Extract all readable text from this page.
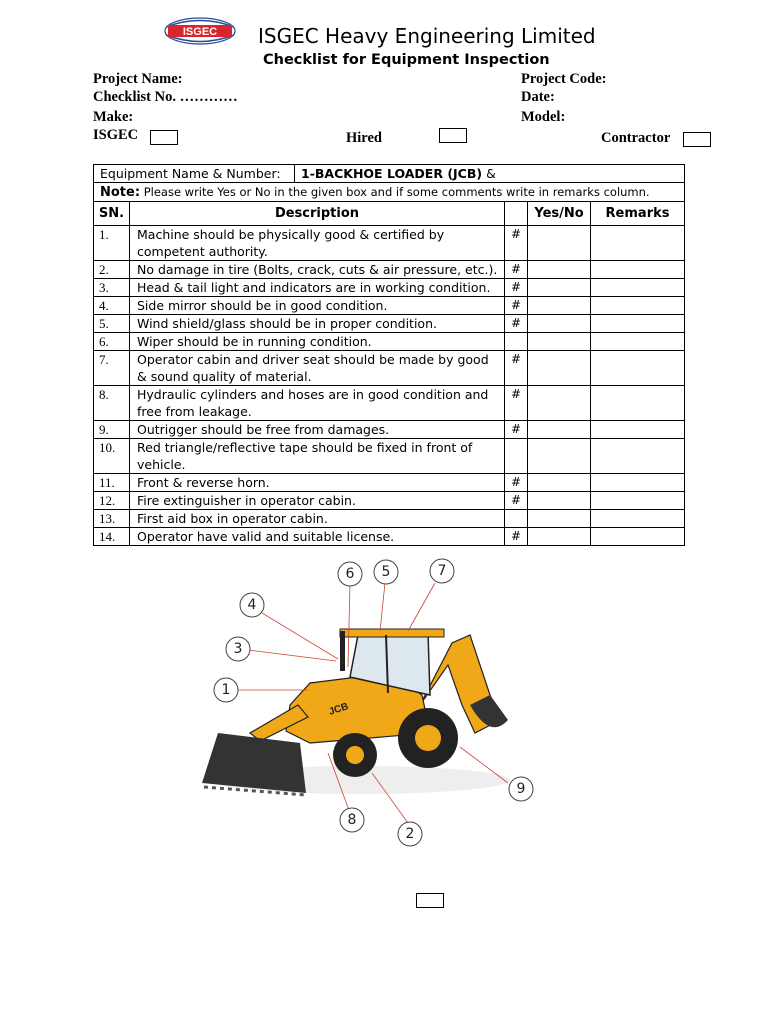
ISGEC ISGEC Heavy Engineering Limited
Checklist for Equipment Inspection
Project Name:	Project Code:
Checklist No. …………	Date:
Make:	Model:
ISGEC	Hired	Contractor
Equipment Name & Number:		1-BACKHOE LOADER (JCB) &			
Note: Please write Yes or No in the given box and if some comments write in remarks column.					
SN.	Description			Yes/No	Remarks
1.	Machine should be physically good & certified by competent authority.		#		
2.	No damage in tire (Bolts, crack, cuts & air pressure, etc.).		#		
3.	Head & tail light and indicators are in working condition.		#		
4.	Side mirror should be in good condition.		#		
5.	Wind shield/glass should be in proper condition.		#		
6.	Wiper should be in running condition.				
7.	Operator cabin and driver seat should be made by good & sound quality of material.		#		
8.	Hydraulic cylinders and hoses are in good condition and free from leakage.		#		
9.	Outrigger should be free from damages.		#		
10.	Red triangle/reflective tape should be fixed in front of vehicle.				
11.	Front & reverse horn.		#		
12.	Fire extinguisher in operator cabin.		#		
13.	First aid box in operator cabin.				
14.	Operator have valid and suitable license.		#		
JCB
6 5	7
4
3
1
9
8
2
